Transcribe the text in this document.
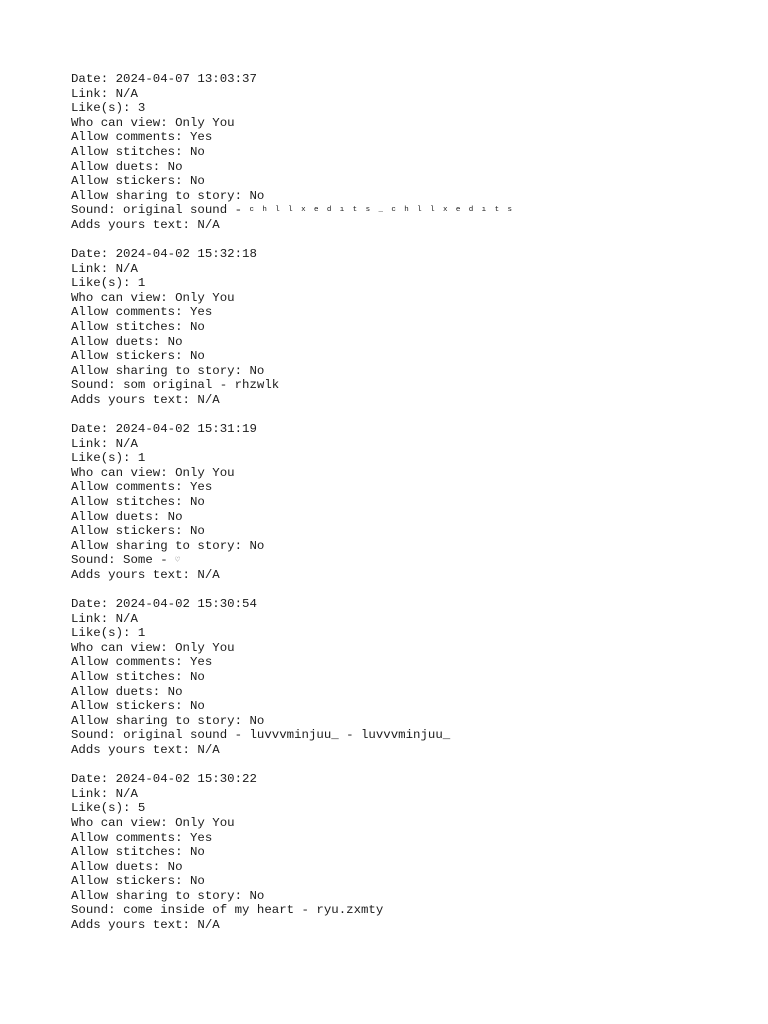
Date: 2024-04-07 13:03:37
Link: N/A
Like(s): 3
Who can view: Only You
Allow comments: Yes
Allow stitches: No
Allow duets: No
Allow stickers: No
Allow sharing to story: No
Sound: original sound - chllxedıts_chllxedıts
Adds yours text: N/A
Date: 2024-04-02 15:32:18
Link: N/A
Like(s): 1
Who can view: Only You
Allow comments: Yes
Allow stitches: No
Allow duets: No
Allow stickers: No
Allow sharing to story: No
Sound: som original - rhzwlk
Adds yours text: N/A
Date: 2024-04-02 15:31:19
Link: N/A
Like(s): 1
Who can view: Only You
Allow comments: Yes
Allow stitches: No
Allow duets: No
Allow stickers: No
Allow sharing to story: No
Sound: Some - ♡
Adds yours text: N/A
Date: 2024-04-02 15:30:54
Link: N/A
Like(s): 1
Who can view: Only You
Allow comments: Yes
Allow stitches: No
Allow duets: No
Allow stickers: No
Allow sharing to story: No
Sound: original sound - luvvvminjuu_ - luvvvminjuu_
Adds yours text: N/A
Date: 2024-04-02 15:30:22
Link: N/A
Like(s): 5
Who can view: Only You
Allow comments: Yes
Allow stitches: No
Allow duets: No
Allow stickers: No
Allow sharing to story: No
Sound: come inside of my heart - ryu.zxmty
Adds yours text: N/A
